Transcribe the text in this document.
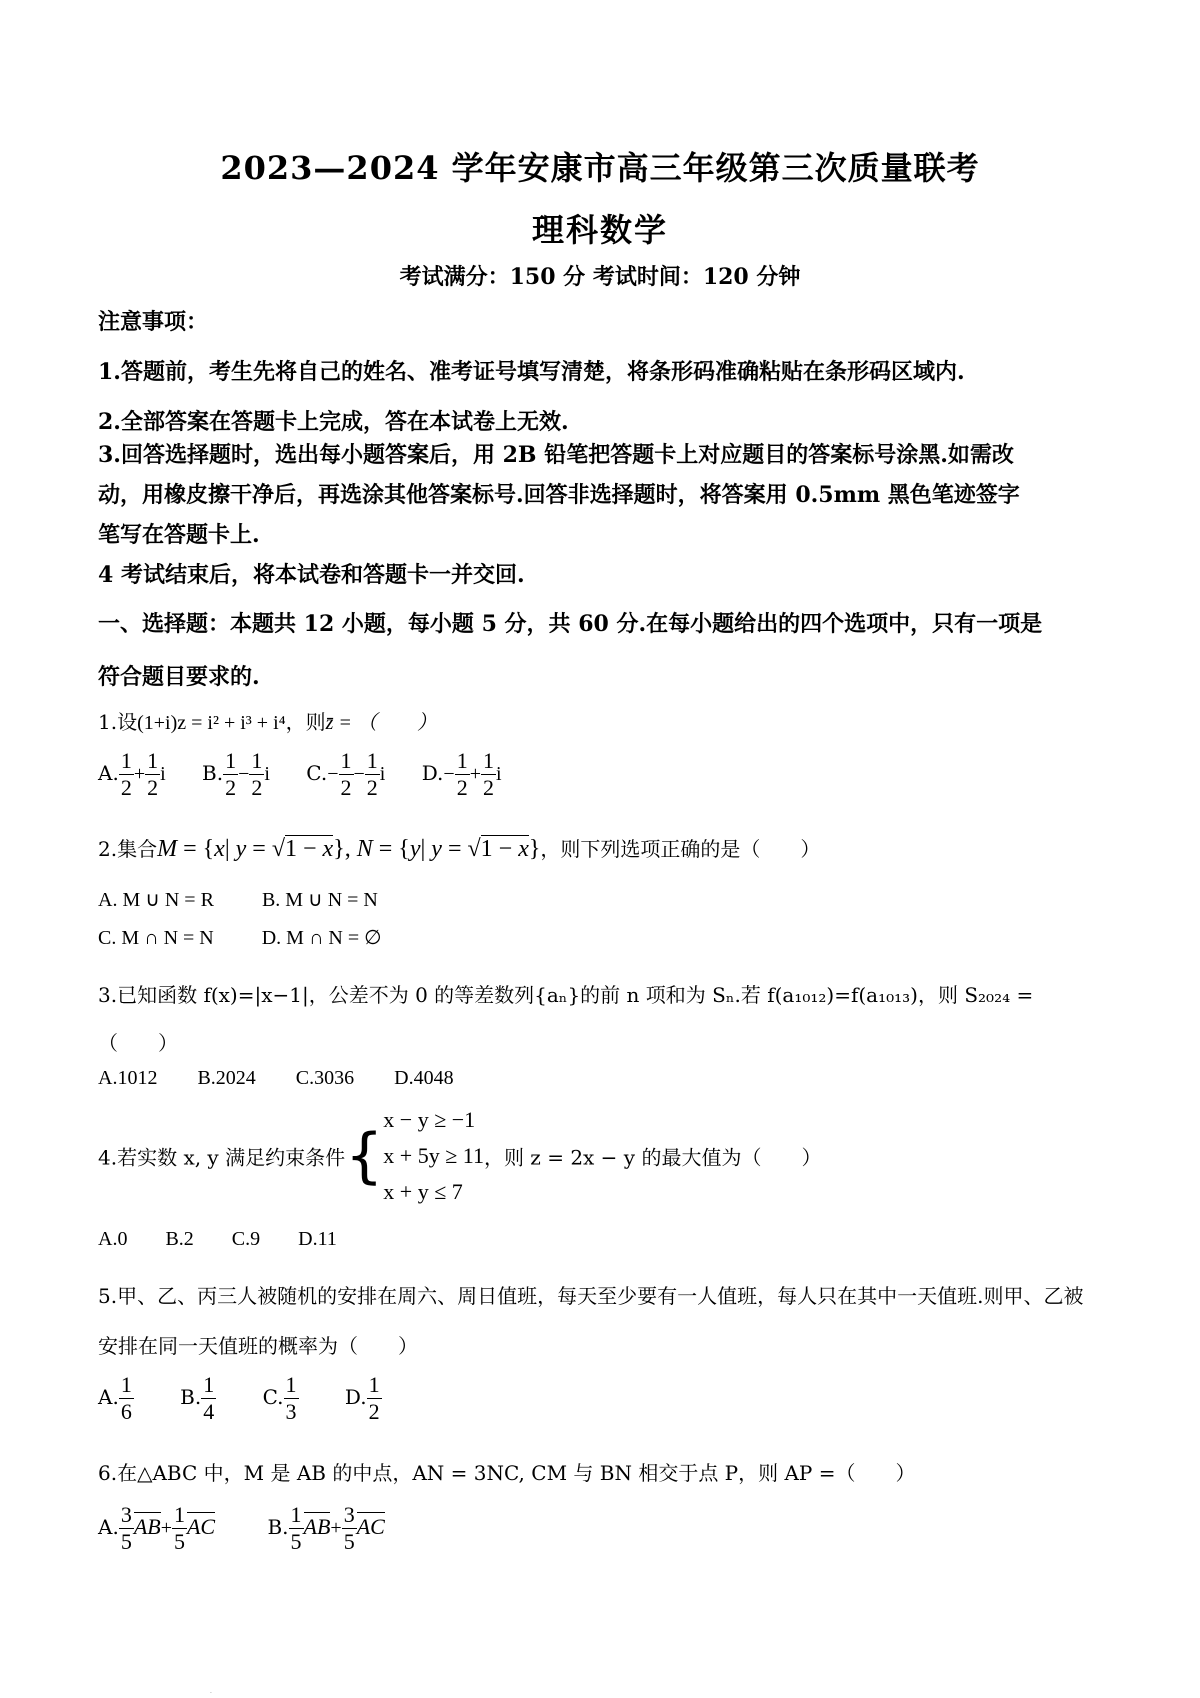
2023—2024 学年安康市高三年级第三次质量联考
理科数学
考试满分：150 分 考试时间：120 分钟
注意事项：
1.答题前，考生先将自己的姓名、准考证号填写清楚，将条形码准确粘贴在条形码区域内.
2.全部答案在答题卡上完成，答在本试卷上无效.
3.回答选择题时，选出每小题答案后，用 2B 铅笔把答题卡上对应题目的答案标号涂黑.如需改
动，用橡皮擦干净后，再选涂其他答案标号.回答非选择题时，将答案用 0.5mm 黑色笔迹签字
笔写在答题卡上.
4 考试结束后，将本试卷和答题卡一并交回.
一、选择题：本题共 12 小题，每小题 5 分，共 60 分.在每小题给出的四个选项中，只有一项是
符合题目要求的.
1.设(1+i)z = i² + i³ + i⁴，则z̄ = （　　）
A. $\frac{1}{2} + \frac{1}{2}$ i B. $\frac{1}{2} - \frac{1}{2}$ i $C.- \frac{1}{2} - \frac{1}{2}$ i $D.- \frac{1}{2} + \frac{1}{2}$ i
2.集合M = {x| y = √1 − x}, N = {y| y = √1 − x}，则下列选项正确的是（　　）
A. M ∪ N = R B. M ∪ N = N
C. M ∩ N = N D. M ∩ N = ∅
3.已知函数 f(x)=|x−1|，公差不为 0 的等差数列{aₙ}的前 n 项和为 Sₙ.若 f(a₁₀₁₂)=f(a₁₀₁₃)，则 S₂₀₂₄ =
（　　）
A.1012 B.2024 C.3036 D.4048
4.若实数 x, y 满足约束条件{
x − y ≥ −1
x + 5y ≥ 11
x + y ≤ 7
，则 z = 2x − y 的最大值为（　　）
A.0 B.2 C.9 D.11
5.甲、乙、丙三人被随机的安排在周六、周日值班，每天至少要有一人值班，每人只在其中一天值班.则甲、乙被
安排在同一天值班的概率为（　　）
A. $\frac{1}{6} B$. $\frac{1}{4} C$. $\frac{1}{3} D$. $\frac{1}{2}$
6.在△ABC 中，M 是 AB 的中点，AN = 3NC, CM 与 BN 相交于点 P，则 AP =（　　）
A. $\frac{3}{5} AB+ \frac{1}{5}$ AC	B. $\frac{1}{5} AB+ \frac{3}{5}$ AC
·
